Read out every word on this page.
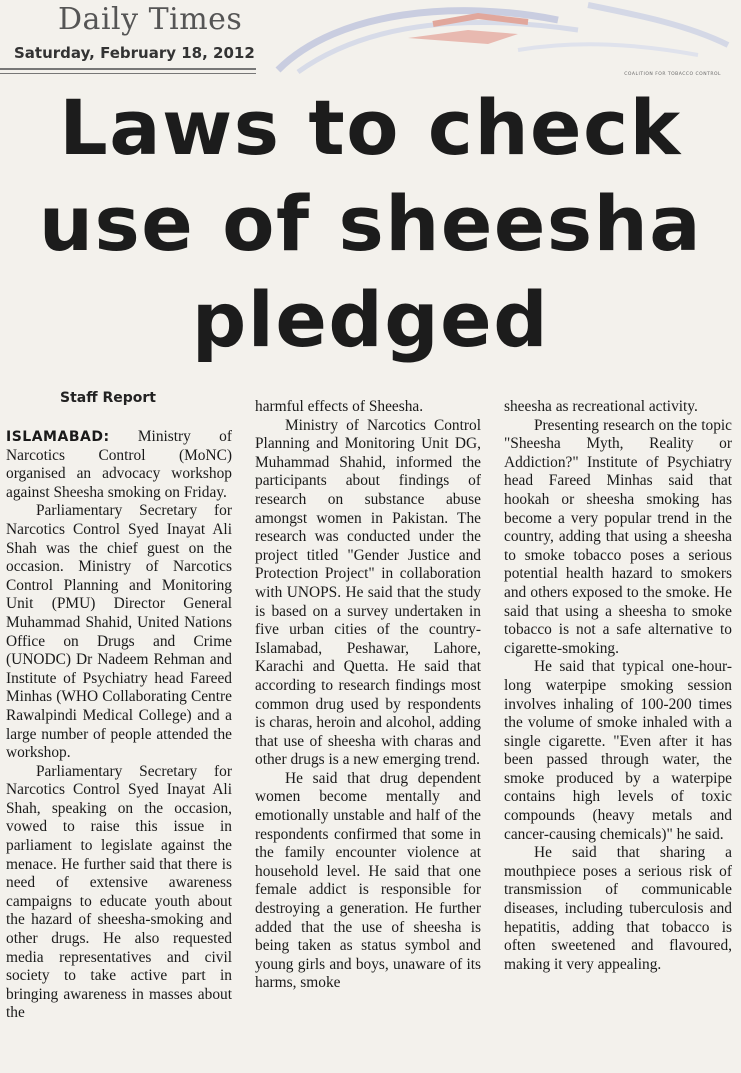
Daily Times
Saturday, February 18, 2012
COALITION FOR TOBACCO CONTROL
Laws to check
use of sheesha
pledged
Staff Report

ISLAMABAD: Ministry of Narcotics Control (MoNC) organised an advocacy workshop against Sheesha smoking on Friday.

Parliamentary Secretary for Narcotics Control Syed Inayat Ali Shah was the chief guest on the occasion. Ministry of Narcotics Control Planning and Monitoring Unit (PMU) Director General Muhammad Shahid, United Nations Office on Drugs and Crime (UNODC) Dr Nadeem Rehman and Institute of Psychiatry head Fareed Minhas (WHO Collaborating Centre Rawalpindi Medical College) and a large number of people attended the workshop.

Parliamentary Secretary for Narcotics Control Syed Inayat Ali Shah, speaking on the occasion, vowed to raise this issue in parliament to legislate against the menace. He further said that there is need of extensive awareness campaigns to educate youth about the hazard of sheesha-smoking and other drugs. He also requested media representatives and civil society to take active part in bringing awareness in masses about the

harmful effects of Sheesha.

Ministry of Narcotics Control Planning and Monitoring Unit DG, Muhammad Shahid, informed the participants about findings of research on substance abuse amongst women in Pakistan. The research was conducted under the project titled "Gender Justice and Protection Project" in collaboration with UNOPS. He said that the study is based on a survey undertaken in five urban cities of the country- Islamabad, Peshawar, Lahore, Karachi and Quetta. He said that according to research findings most common drug used by respondents is charas, heroin and alcohol, adding that use of sheesha with charas and other drugs is a new emerging trend.

He said that drug dependent women become mentally and emotionally unstable and half of the respondents confirmed that some in the family encounter violence at household level. He said that one female addict is responsible for destroying a generation. He further added that the use of sheesha is being taken as status symbol and young girls and boys, unaware of its harms, smoke

sheesha as recreational activity.

Presenting research on the topic "Sheesha Myth, Reality or Addiction?" Institute of Psychiatry head Fareed Minhas said that hookah or sheesha smoking has become a very popular trend in the country, adding that using a sheesha to smoke tobacco poses a serious potential health hazard to smokers and others exposed to the smoke. He said that using a sheesha to smoke tobacco is not a safe alternative to cigarette-smoking.

He said that typical one-hour-long waterpipe smoking session involves inhaling of 100-200 times the volume of smoke inhaled with a single cigarette. "Even after it has been passed through water, the smoke produced by a waterpipe contains high levels of toxic compounds (heavy metals and cancer-causing chemicals)" he said.

He said that sharing a mouthpiece poses a serious risk of transmission of communicable diseases, including tuberculosis and hepatitis, adding that tobacco is often sweetened and flavoured, making it very appealing.
